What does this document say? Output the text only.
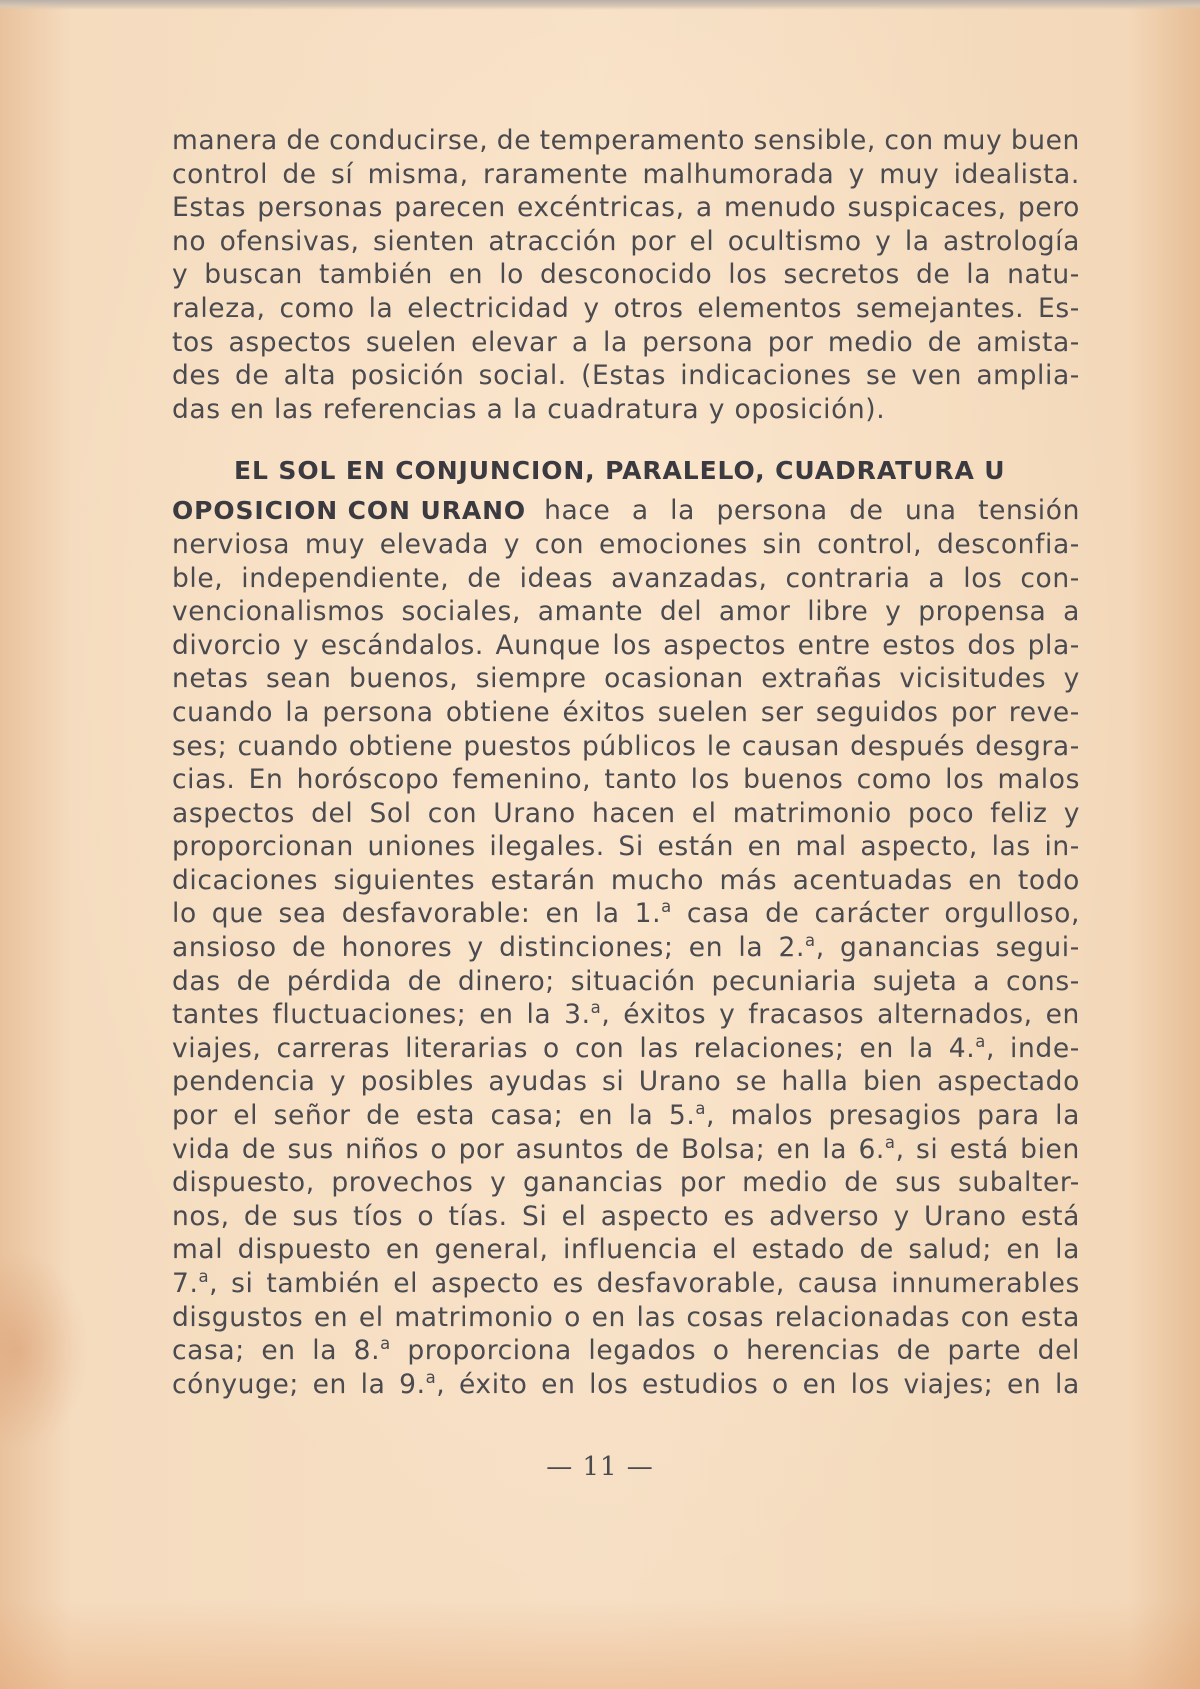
manera de conducirse, de temperamento sensible, con muy buen
control de sí misma, raramente malhumorada y muy idealista.
Estas personas parecen excéntricas, a menudo suspicaces, pero
no ofensivas, sienten atracción por el ocultismo y la astrología
y buscan también en lo desconocido los secretos de la natu-
raleza, como la electricidad y otros elementos semejantes. Es-
tos aspectos suelen elevar a la persona por medio de amista-
des de alta posición social. (Estas indicaciones se ven amplia-
das en las referencias a la cuadratura y oposición).
EL SOL EN CONJUNCION, PARALELO, CUADRATURA U
OPOSICION CON URANO hace a la persona de una tensión
nerviosa muy elevada y con emociones sin control, desconfia-
ble, independiente, de ideas avanzadas, contraria a los con-
vencionalismos sociales, amante del amor libre y propensa a
divorcio y escándalos. Aunque los aspectos entre estos dos pla-
netas sean buenos, siempre ocasionan extrañas vicisitudes y
cuando la persona obtiene éxitos suelen ser seguidos por reve-
ses; cuando obtiene puestos públicos le causan después desgra-
cias. En horóscopo femenino, tanto los buenos como los malos
aspectos del Sol con Urano hacen el matrimonio poco feliz y
proporcionan uniones ilegales. Si están en mal aspecto, las in-
dicaciones siguientes estarán mucho más acentuadas en todo
lo que sea desfavorable: en la 1.$^a$ casa de carácter orgulloso,
ansioso de honores y distinciones; en la 2.$^a$, ganancias segui-
das de pérdida de dinero; situación pecuniaria sujeta a cons-
tantes fluctuaciones; en la 3.$^a$, éxitos y fracasos alternados, en
viajes, carreras literarias o con las relaciones; en la 4.$^a$, inde-
pendencia y posibles ayudas si Urano se halla bien aspectado
por el señor de esta casa; en la 5.$^a$, malos presagios para la
vida de sus niños o por asuntos de Bolsa; en la 6.$^a$, si está bien
dispuesto, provechos y ganancias por medio de sus subalter-
nos, de sus tíos o tías. Si el aspecto es adverso y Urano está
mal dispuesto en general, influencia el estado de salud; en la
7.$^a$, si también el aspecto es desfavorable, causa innumerables
disgustos en el matrimonio o en las cosas relacionadas con esta
casa; en la 8.$^a$ proporciona legados o herencias de parte del
cónyuge; en la 9.$^a$, éxito en los estudios o en los viajes; en la
— 11 —
